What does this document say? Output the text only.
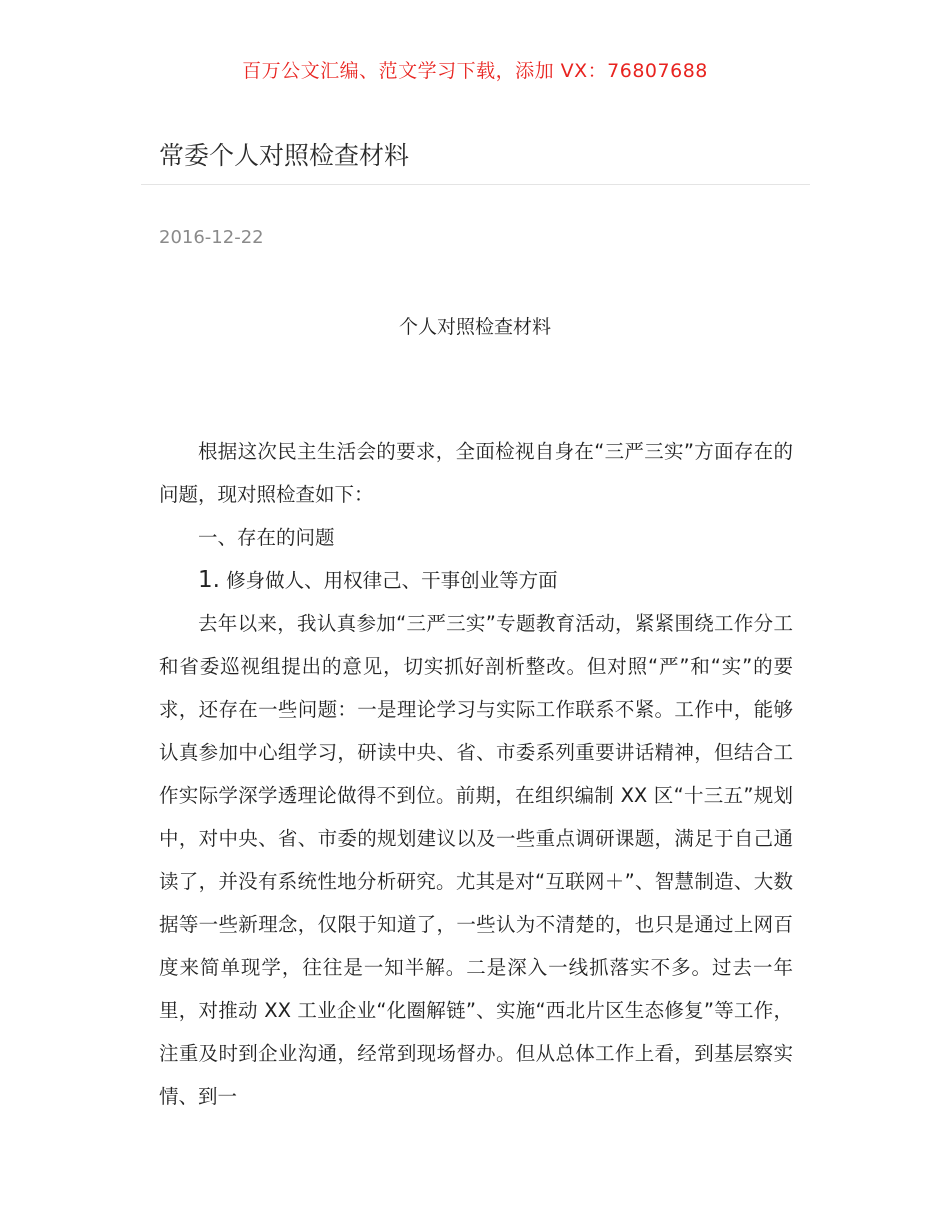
百万公文汇编、范文学习下载，添加 VX：76807688
常委个人对照检查材料
2016-12-22
个人对照检查材料

根据这次民主生活会的要求，全面检视自身在“三严三实”方面存在的问题，现对照检查如下：

一、存在的问题

1. 修身做人、用权律己、干事创业等方面

去年以来，我认真参加“三严三实”专题教育活动，紧紧围绕工作分工和省委巡视组提出的意见，切实抓好剖析整改。但对照“严”和“实”的要求，还存在一些问题：一是理论学习与实际工作联系不紧。工作中，能够认真参加中心组学习，研读中央、省、市委系列重要讲话精神，但结合工作实际学深学透理论做得不到位。前期，在组织编制 XX 区“十三五”规划中，对中央、省、市委的规划建议以及一些重点调研课题，满足于自己通读了，并没有系统性地分析研究。尤其是对“互联网＋”、智慧制造、大数据等一些新理念，仅限于知道了，一些认为不清楚的，也只是通过上网百度来简单现学，往往是一知半解。二是深入一线抓落实不多。过去一年里，对推动 XX 工业企业“化圈解链”、实施“西北片区生态修复”等工作，注重及时到企业沟通，经常到现场督办。但从总体工作上看，到基层察实情、到一
